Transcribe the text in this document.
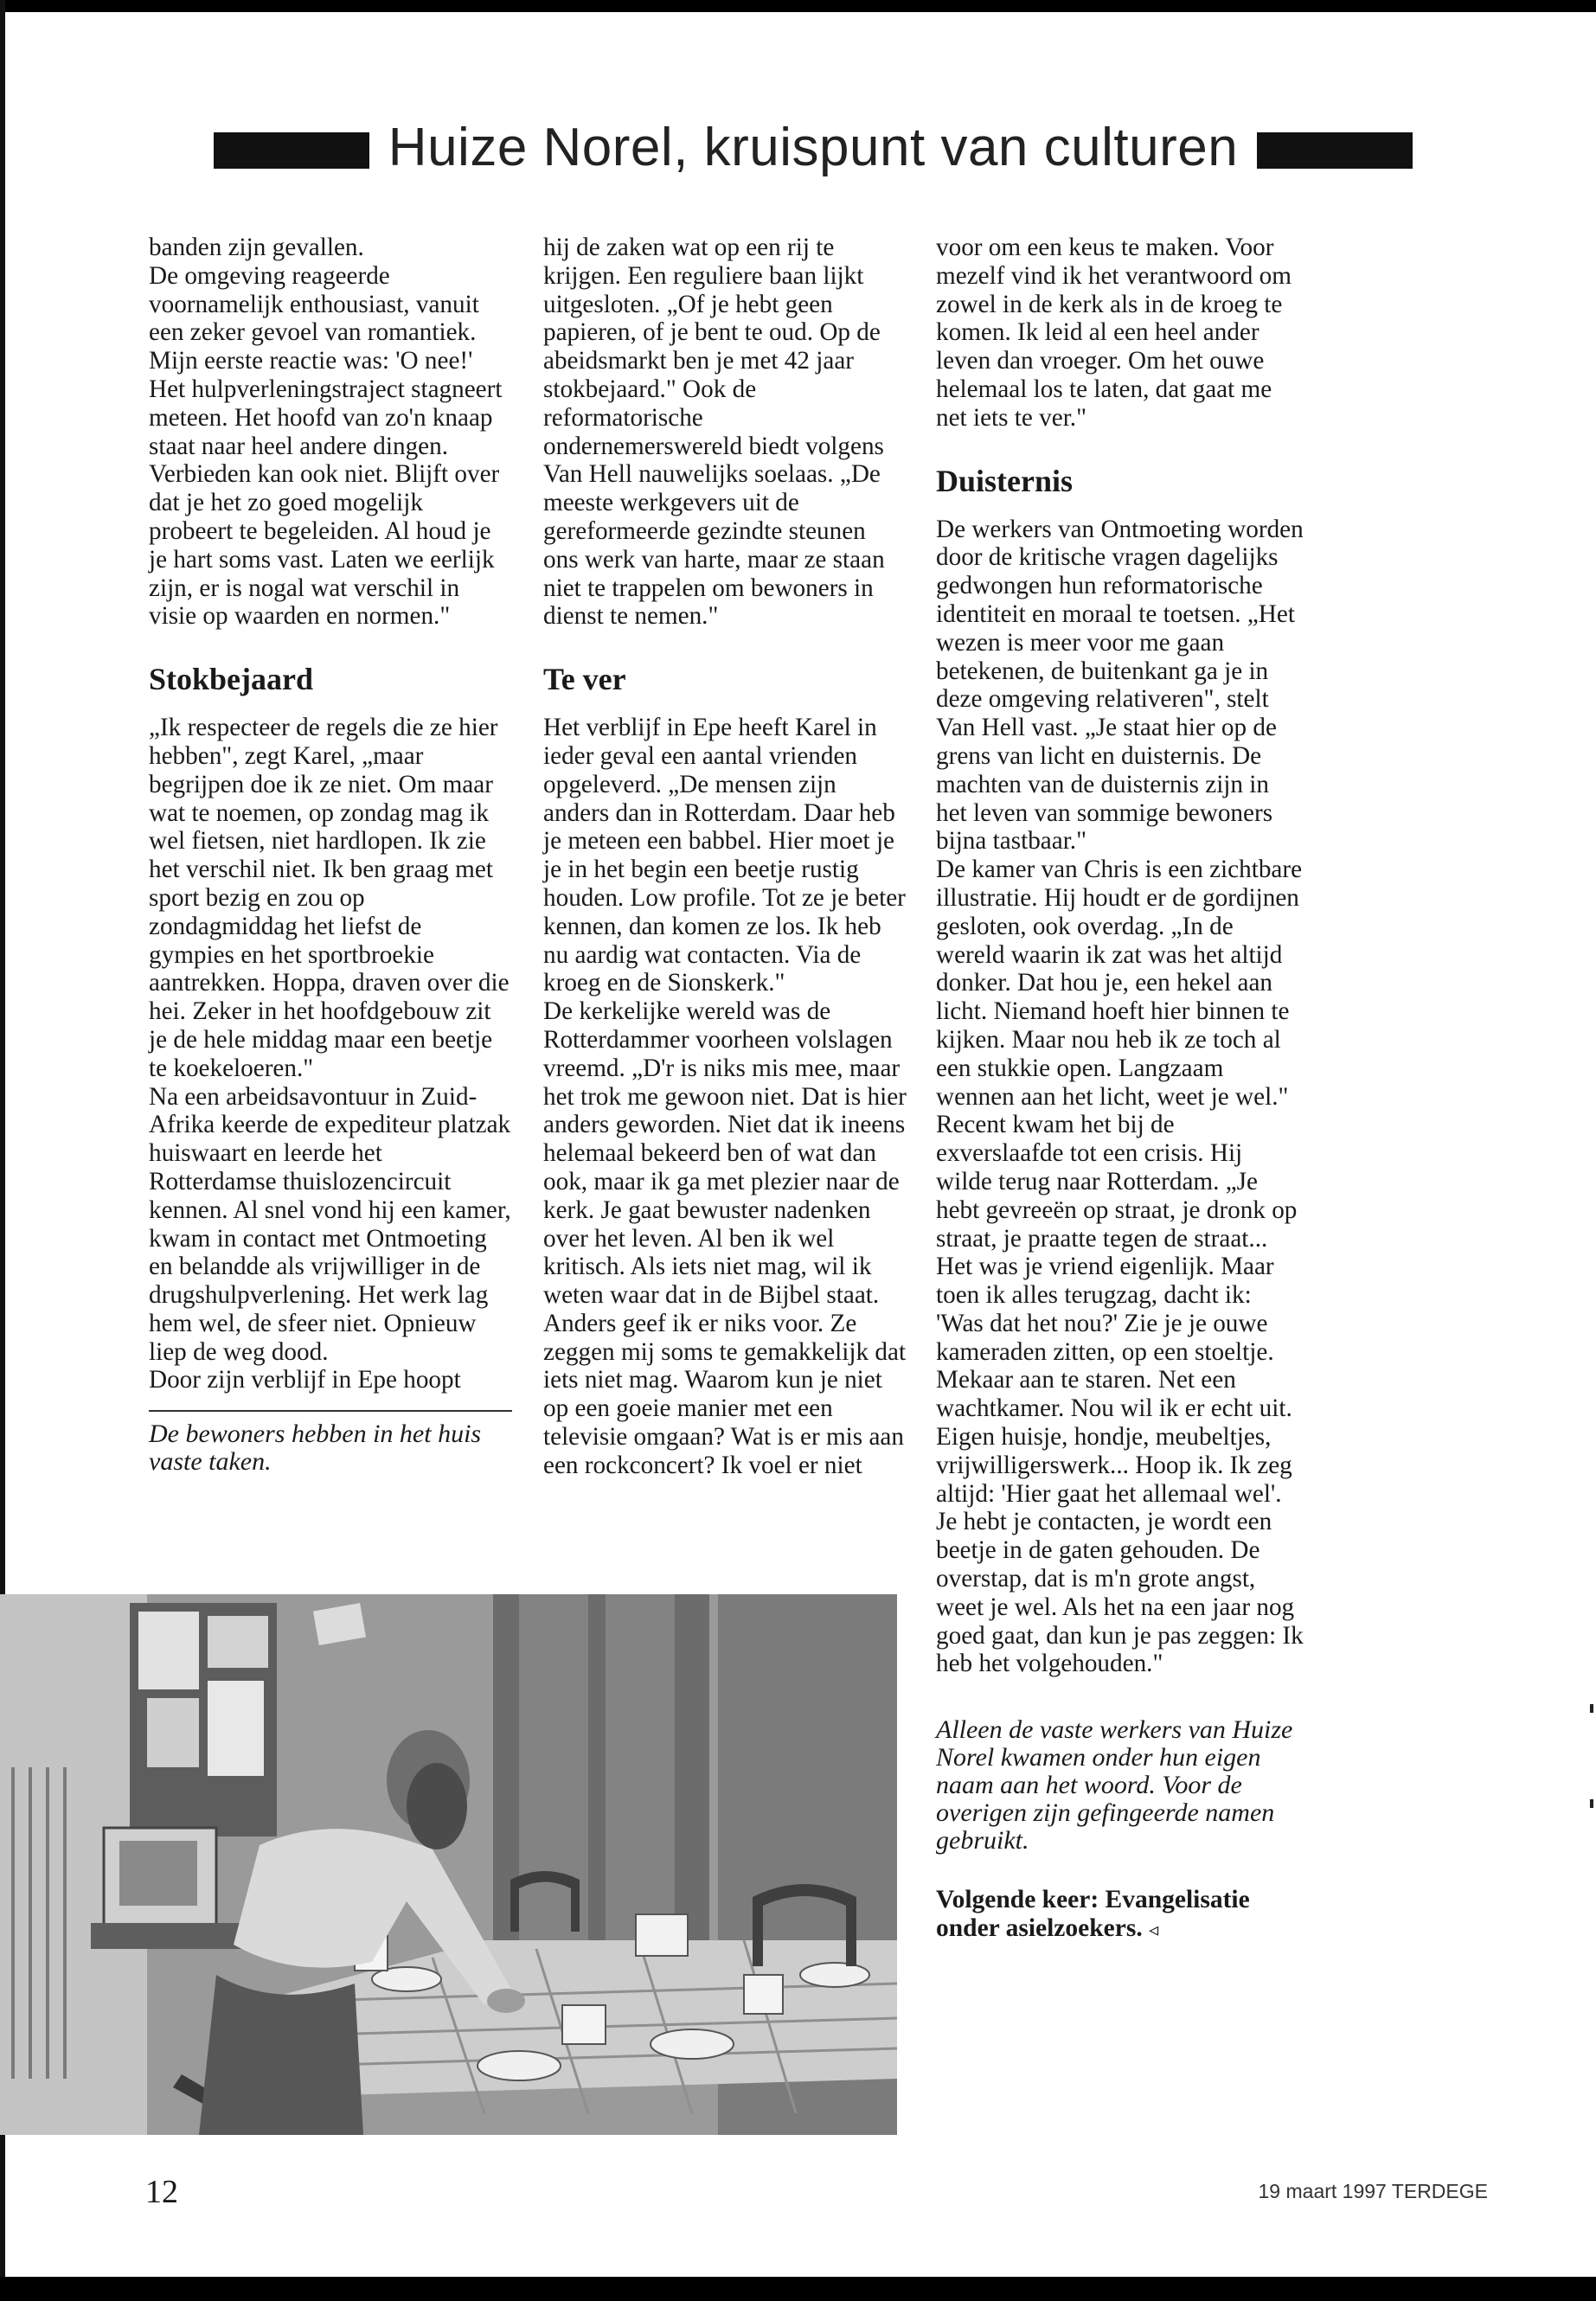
Huize Norel, kruispunt van culturen

banden zijn gevallen.

De omgeving reageerde voornamelijk enthousiast, vanuit een zeker gevoel van romantiek. Mijn eerste reactie was: 'O nee!' Het hulpverleningstraject stagneert meteen. Het hoofd van zo'n knaap staat naar heel andere dingen. Verbieden kan ook niet. Blijft over dat je het zo goed mogelijk probeert te begeleiden. Al houd je je hart soms vast. Laten we eerlijk zijn, er is nogal wat verschil in visie op waarden en normen."

Stokbejaard

„Ik respecteer de regels die ze hier hebben", zegt Karel, „maar begrijpen doe ik ze niet. Om maar wat te noemen, op zondag mag ik wel fietsen, niet hardlopen. Ik zie het verschil niet. Ik ben graag met sport bezig en zou op zondagmiddag het liefst de gympies en het sportbroekie aantrekken. Hoppa, draven over die hei. Zeker in het hoofdgebouw zit je de hele middag maar een beetje te koekeloeren."

Na een arbeidsavontuur in Zuid-Afrika keerde de expediteur platzak huiswaart en leerde het Rotterdamse thuislozencircuit kennen. Al snel vond hij een kamer, kwam in contact met Ontmoeting en belandde als vrijwilliger in de drugshulpverlening. Het werk lag hem wel, de sfeer niet. Opnieuw liep de weg dood.

Door zijn verblijf in Epe hoopt

De bewoners hebben in het huis vaste taken.

hij de zaken wat op een rij te krijgen. Een reguliere baan lijkt uitgesloten. „Of je hebt geen papieren, of je bent te oud. Op de abeidsmarkt ben je met 42 jaar stokbejaard." Ook de reformatorische ondernemerswereld biedt volgens Van Hell nauwelijks soelaas. „De meeste werkgevers uit de gereformeerde gezindte steunen ons werk van harte, maar ze staan niet te trappelen om bewoners in dienst te nemen."

Te ver

Het verblijf in Epe heeft Karel in ieder geval een aantal vrienden opgeleverd. „De mensen zijn anders dan in Rotterdam. Daar heb je meteen een babbel. Hier moet je je in het begin een beetje rustig houden. Low profile. Tot ze je beter kennen, dan komen ze los. Ik heb nu aardig wat contacten. Via de kroeg en de Sionskerk."

De kerkelijke wereld was de Rotterdammer voorheen volslagen vreemd. „D'r is niks mis mee, maar het trok me gewoon niet. Dat is hier anders geworden. Niet dat ik ineens helemaal bekeerd ben of wat dan ook, maar ik ga met plezier naar de kerk. Je gaat bewuster nadenken over het leven. Al ben ik wel kritisch. Als iets niet mag, wil ik weten waar dat in de Bijbel staat. Anders geef ik er niks voor. Ze zeggen mij soms te gemakkelijk dat iets niet mag. Waarom kun je niet op een goeie manier met een televisie omgaan? Wat is er mis aan een rockconcert? Ik voel er niet

voor om een keus te maken. Voor mezelf vind ik het verantwoord om zowel in de kerk als in de kroeg te komen. Ik leid al een heel ander leven dan vroeger. Om het ouwe helemaal los te laten, dat gaat me net iets te ver."

Duisternis

De werkers van Ontmoeting worden door de kritische vragen dagelijks gedwongen hun reformatorische identiteit en moraal te toetsen. „Het wezen is meer voor me gaan betekenen, de buitenkant ga je in deze omgeving relativeren", stelt Van Hell vast. „Je staat hier op de grens van licht en duisternis. De machten van de duisternis zijn in het leven van sommige bewoners bijna tastbaar."

De kamer van Chris is een zichtbare illustratie. Hij houdt er de gordijnen gesloten, ook overdag. „In de wereld waarin ik zat was het altijd donker. Dat hou je, een hekel aan licht. Niemand hoeft hier binnen te kijken. Maar nou heb ik ze toch al een stukkie open. Langzaam wennen aan het licht, weet je wel."

Recent kwam het bij de exverslaafde tot een crisis. Hij wilde terug naar Rotterdam. „Je hebt gevreeën op straat, je dronk op straat, je praatte tegen de straat... Het was je vriend eigenlijk. Maar toen ik alles terugzag, dacht ik: 'Was dat het nou?' Zie je je ouwe kameraden zitten, op een stoeltje. Mekaar aan te staren. Net een wachtkamer. Nou wil ik er echt uit. Eigen huisje, hondje, meubeltjes, vrijwilligerswerk... Hoop ik. Ik zeg altijd: 'Hier gaat het allemaal wel'. Je hebt je contacten, je wordt een beetje in de gaten gehouden. De overstap, dat is m'n grote angst, weet je wel. Als het na een jaar nog goed gaat, dan kun je pas zeggen: Ik heb het volgehouden."

Alleen de vaste werkers van Huize Norel kwamen onder hun eigen naam aan het woord. Voor de overigen zijn gefingeerde namen gebruikt.

Volgende keer: Evangelisatie onder asielzoekers. ◃

12	19 maart 1997 TERDEGE
